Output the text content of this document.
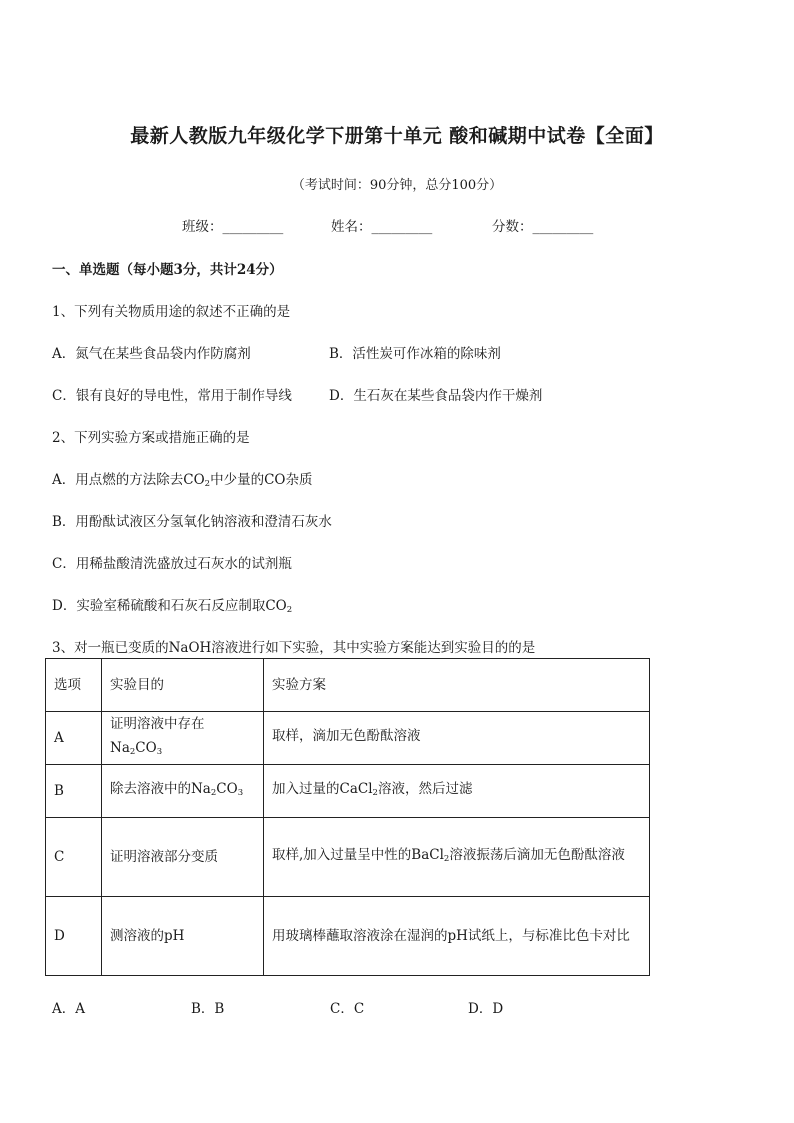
最新人教版九年级化学下册第十单元 酸和碱期中试卷【全面】
（考试时间：90分钟，总分100分）
班级：_________	姓名：_________	分数：_________
一、单选题（每小题3分，共计24分）
1、下列有关物质用途的叙述不正确的是
A．氮气在某些食品袋内作防腐剂	B．活性炭可作冰箱的除味剂
C．银有良好的导电性，常用于制作导线	D．生石灰在某些食品袋内作干燥剂
2、下列实验方案或措施正确的是
A．用点燃的方法除去$CO_2$中少量的CO杂质
B．用酚酞试液区分氢氧化钠溶液和澄清石灰水
C．用稀盐酸清洗盛放过石灰水的试剂瓶
D．实验室稀硫酸和石灰石反应制取$CO_2$
3、对一瓶已变质的NaOH溶液进行如下实验，其中实验方案能达到实验目的的是
选项	实验目的	实验方案
A	证明溶液中存在$Na_2CO_3$	取样，滴加无色酚酞溶液
B	除去溶液中的$Na_2CO_3$	加入过量的CaCl$_2$溶液，然后过滤
C	证明溶液部分变质	取样,加入过量呈中性的BaCl$_2$溶液振荡后滴加无色酚酞溶液
D	测溶液的pH	用玻璃棒蘸取溶液涂在湿润的pH试纸上，与标准比色卡对比
A．A	B．B	C．C	D．D
